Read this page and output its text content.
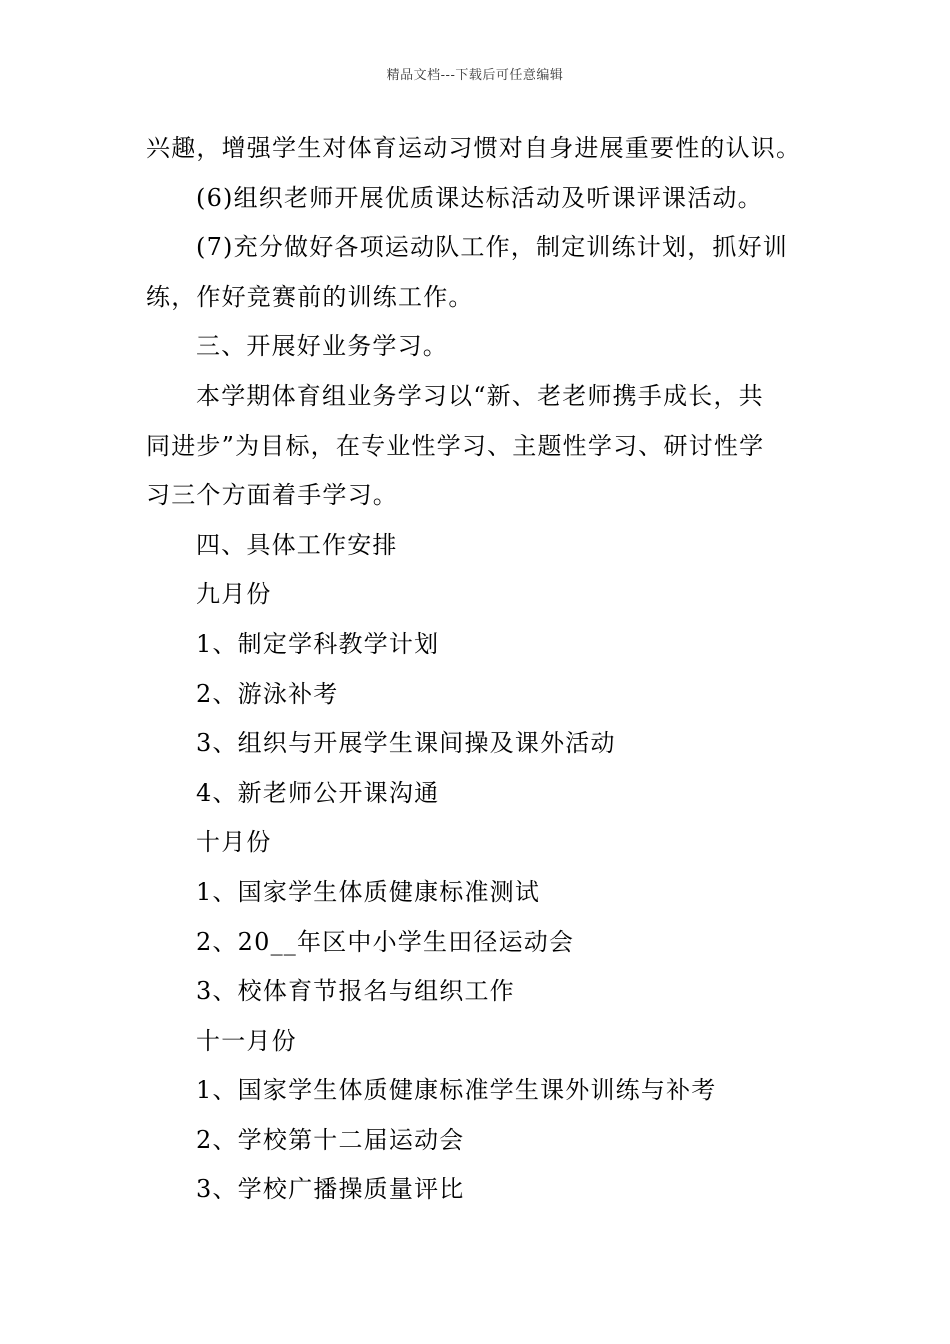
精品文档---下载后可任意编辑
兴趣，增强学生对体育运动习惯对自身进展重要性的认识。
(6)组织老师开展优质课达标活动及听课评课活动。
(7)充分做好各项运动队工作，制定训练计划，抓好训
练，作好竞赛前的训练工作。
三、开展好业务学习。
本学期体育组业务学习以“新、老老师携手成长，共
同进步”为目标，在专业性学习、主题性学习、研讨性学
习三个方面着手学习。
四、具体工作安排
九月份
1、制定学科教学计划
2、游泳补考
3、组织与开展学生课间操及课外活动
4、新老师公开课沟通
十月份
1、国家学生体质健康标准测试
2、20__年区中小学生田径运动会
3、校体育节报名与组织工作
十一月份
1、国家学生体质健康标准学生课外训练与补考
2、学校第十二届运动会
3、学校广播操质量评比
